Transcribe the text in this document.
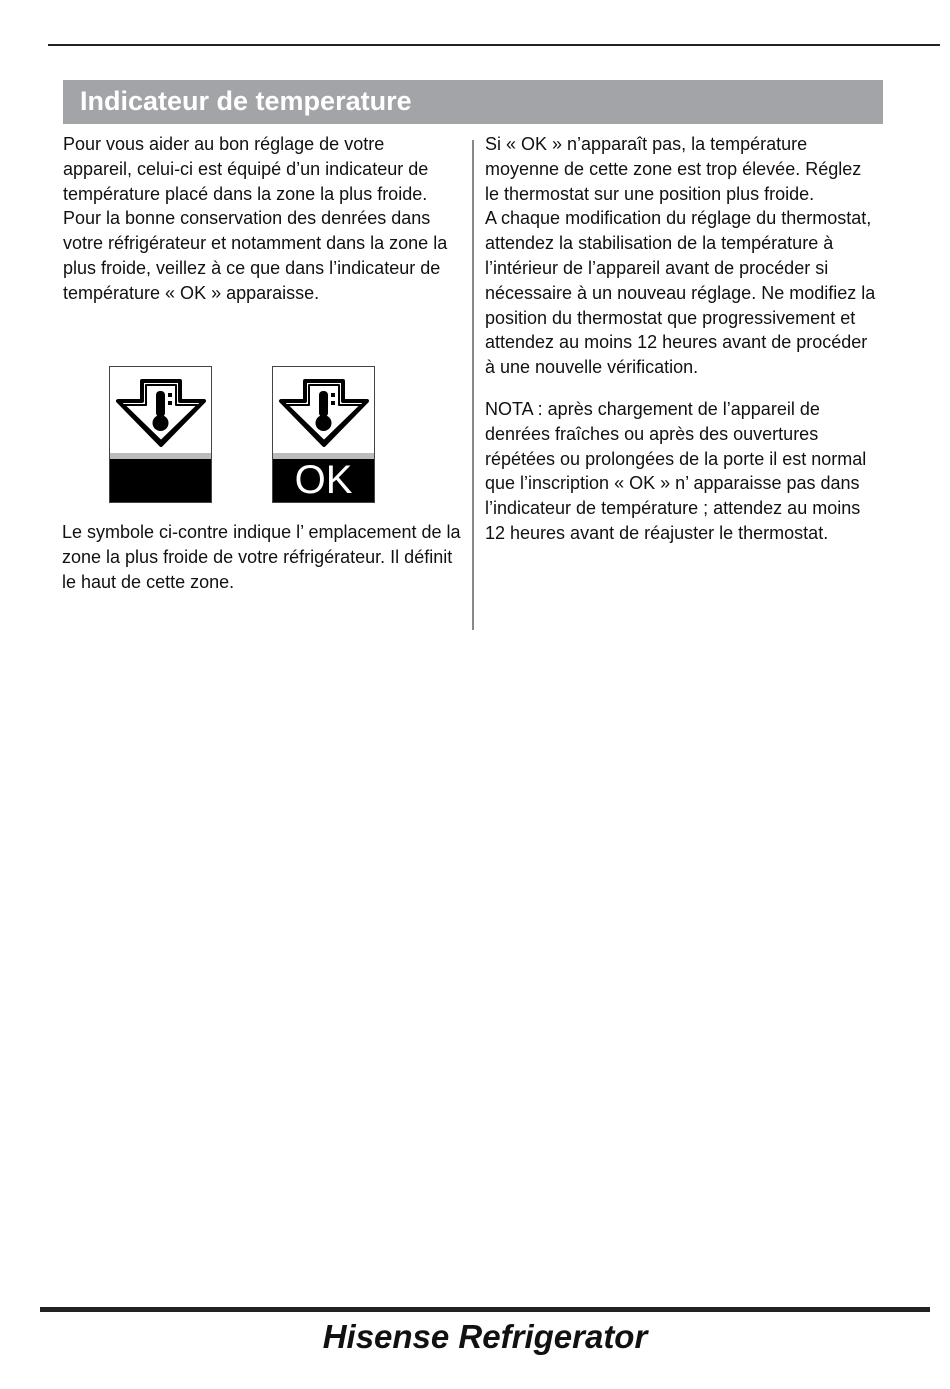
Indicateur de temperature

Pour vous aider au bon réglage de votre appareil, celui-ci est équipé d’un indicateur de température placé dans la zone la plus froide.

Pour la bonne conservation des denrées dans votre réfrigérateur et notamment dans la zone la plus froide, veillez à ce que dans l’indicateur de température « OK » apparaisse.

OK
Le symbole ci-contre indique l’ emplacement de la zone la plus froide de votre réfrigérateur. Il définit le haut de cette zone.

Si « OK » n’apparaît pas, la température moyenne de cette zone est trop élevée. Réglez le thermostat sur une position plus froide.

A chaque modification du réglage du thermostat, attendez la stabilisation de la température à l’intérieur de l’appareil avant de procéder si nécessaire à un nouveau réglage. Ne modifiez la position du thermostat que progressivement et attendez au moins 12 heures avant de procéder à une nouvelle vérification.

NOTA : après chargement de l’appareil de denrées fraîches ou après des ouvertures répétées ou prolongées de la porte il est normal que l’inscription « OK » n’ apparaisse pas dans l’indicateur de température ; attendez au moins 12 heures avant de réajuster le thermostat.

Hisense Refrigerator
